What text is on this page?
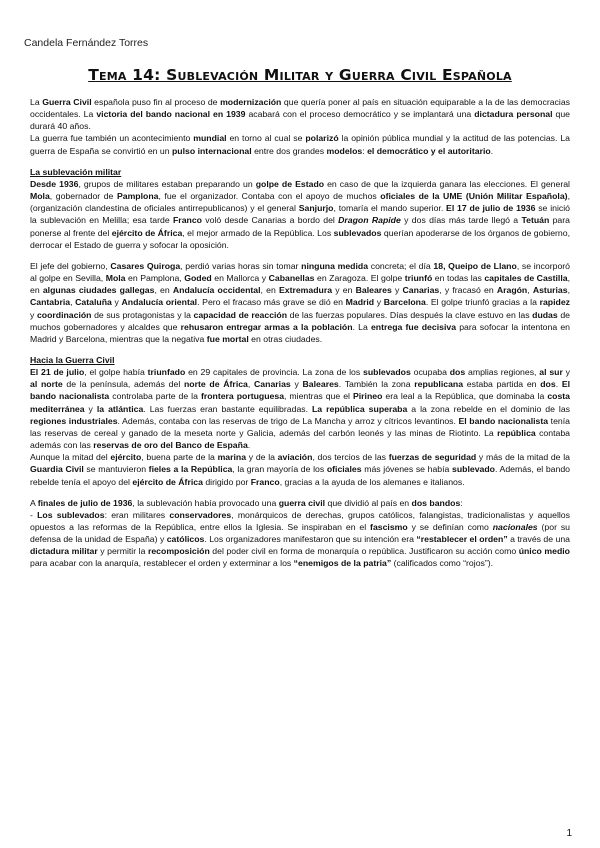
Candela Fernández Torres
Tema 14: Sublevación Militar y Guerra Civil Española

La Guerra Civil española puso fin al proceso de modernización que quería poner al país en situación equiparable a la de las democracias occidentales. La victoria del bando nacional en 1939 acabará con el proceso democrático y se implantará una dictadura personal que durará 40 años.

La guerra fue también un acontecimiento mundial en torno al cual se polarizó la opinión pública mundial y la actitud de las potencias. La guerra de España se convirtió en un pulso internacional entre dos grandes modelos: el democrático y el autoritario.

La sublevación militar

Desde 1936, grupos de militares estaban preparando un golpe de Estado en caso de que la izquierda ganara las elecciones. El general Mola, gobernador de Pamplona, fue el organizador. Contaba con el apoyo de muchos oficiales de la UME (Unión Militar Española), (organización clandestina de oficiales antirrepublicanos) y el general Sanjurjo, tomaría el mando superior. El 17 de julio de 1936 se inició la sublevación en Melilla; esa tarde Franco voló desde Canarias a bordo del Dragon Rapide y dos días más tarde llegó a Tetuán para ponerse al frente del ejército de África, el mejor armado de la República. Los sublevados querían apoderarse de los órganos de gobierno, derrocar el Estado de guerra y sofocar la oposición.

El jefe del gobierno, Casares Quiroga, perdió varias horas sin tomar ninguna medida concreta; el día 18, Queipo de Llano, se incorporó al golpe en Sevilla, Mola en Pamplona, Goded en Mallorca y Cabanellas en Zaragoza. El golpe triunfó en todas las capitales de Castilla, en algunas ciudades gallegas, en Andalucía occidental, en Extremadura y en Baleares y Canarias, y fracasó en Aragón, Asturias, Cantabria, Cataluña y Andalucía oriental. Pero el fracaso más grave se dió en Madrid y Barcelona. El golpe triunfó gracias a la rapidez y coordinación de sus protagonistas y la capacidad de reacción de las fuerzas populares. Días después la clave estuvo en las dudas de muchos gobernadores y alcaldes que rehusaron entregar armas a la población. La entrega fue decisiva para sofocar la intentona en Madrid y Barcelona, mientras que la negativa fue mortal en otras ciudades.

Hacia la Guerra Civil

El 21 de julio, el golpe había triunfado en 29 capitales de provincia. La zona de los sublevados ocupaba dos amplias regiones, al sur y al norte de la península, además del norte de África, Canarias y Baleares. También la zona republicana estaba partida en dos. El bando nacionalista controlaba parte de la frontera portuguesa, mientras que el Pirineo era leal a la República, que dominaba la costa mediterránea y la atlántica. Las fuerzas eran bastante equilibradas. La república superaba a la zona rebelde en el dominio de las regiones industriales. Además, contaba con las reservas de trigo de La Mancha y arroz y cítricos levantinos. El bando nacionalista tenía las reservas de cereal y ganado de la meseta norte y Galicia, además del carbón leonés y las minas de Riotinto. La república contaba además con las reservas de oro del Banco de España.

Aunque la mitad del ejército, buena parte de la marina y de la aviación, dos tercios de las fuerzas de seguridad y más de la mitad de la Guardia Civil se mantuvieron fieles a la República, la gran mayoría de los oficiales más jóvenes se había sublevado. Además, el bando rebelde tenía el apoyo del ejército de África dirigido por Franco, gracias a la ayuda de los alemanes e italianos.

A finales de julio de 1936, la sublevación había provocado una guerra civil que dividió al país en dos bandos:

- Los sublevados: eran militares conservadores, monárquicos de derechas, grupos católicos, falangistas, tradicionalistas y aquellos opuestos a las reformas de la República, entre ellos la Iglesia. Se inspiraban en el fascismo y se definían como nacionales (por su defensa de la unidad de España) y católicos. Los organizadores manifestaron que su intención era “restablecer el orden” a través de una dictadura militar y permitir la recomposición del poder civil en forma de monarquía o república. Justificaron su acción como único medio para acabar con la anarquía, restablecer el orden y exterminar a los “enemigos de la patria” (calificados como “rojos”).

1
